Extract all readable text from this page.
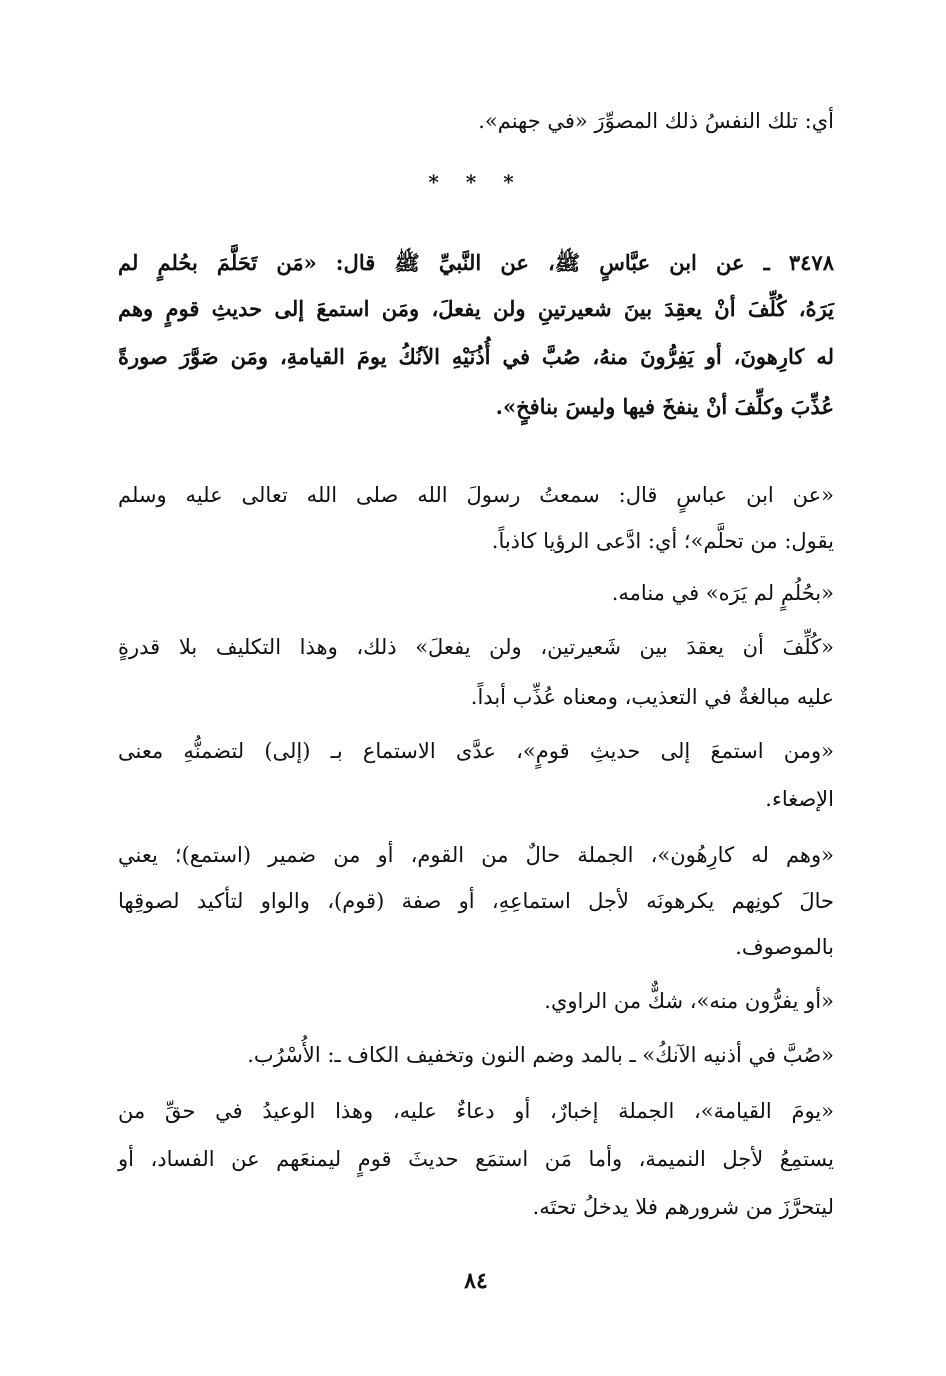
أي: تلك النفسُ ذلك المصوِّرَ «في جهنم».
* * *
٣٤٧٨ ـ عن ابن عبَّاسٍ ﷺ، عن النَّبيِّ ﷺ قال: «مَن تَحَلَّمَ بحُلمٍ لم
يَرَهُ، كُلِّفَ أنْ يعقِدَ بينَ شعيرتينِ ولن يفعلَ، ومَن استمعَ إلى حديثِ قومٍ وهم
له كارِهونَ، أو يَفِرُّونَ منهُ، صُبَّ في أُذُنَيْهِ الآنُكُ يومَ القيامةِ، ومَن صَوَّرَ صورةً
عُذِّبَ وكلِّفَ أنْ ينفخَ فيها وليسَ بنافخٍ».
«عن ابن عباسٍ قال: سمعتُ رسولَ الله صلى الله تعالى عليه وسلم
يقول: من تحلَّم»؛ أي: ادَّعى الرؤيا كاذباً.
«بحُلُمٍ لم يَرَه» في منامه.
«كُلِّفَ أن يعقدَ بين شَعيرتين، ولن يفعلَ» ذلك، وهذا التكليف بلا قدرةٍ
عليه مبالغةٌ في التعذيب، ومعناه عُذِّب أبداً.
«ومن استمعَ إلى حديثِ قومٍ»، عدَّى الاستماع بـ (إلى) لتضمنُّهِ معنى
الإصغاء.
«وهم له كارِهُون»، الجملة حالٌ من القوم، أو من ضمير (استمع)؛ يعني
حالَ كونِهم يكرهونَه لأجل استماعِهِ، أو صفة (قوم)، والواو لتأكيد لصوقِها
بالموصوف.
«أو يفرُّون منه»، شكٌّ من الراوي.
«صُبَّ في أذنيه الآنكُ» ـ بالمد وضم النون وتخفيف الكاف ـ: الأُسْرُب.
«يومَ القيامة»، الجملة إخبارٌ، أو دعاءٌ عليه، وهذا الوعيدُ في حقِّ من
يستمِعُ لأجل النميمة، وأما مَن استمَع حديثَ قومٍ ليمنعَهم عن الفساد، أو
ليتحرَّزَ من شرورهم فلا يدخلُ تحتَه.
٨٤
